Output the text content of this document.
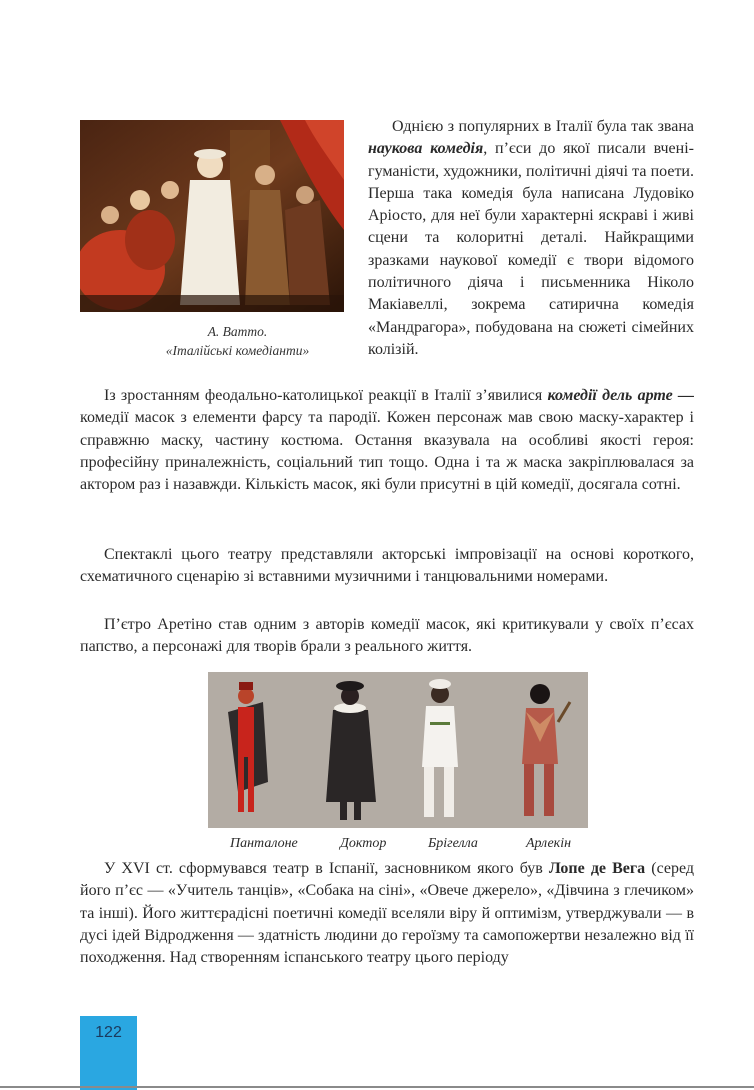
А. Ватто.
«Італійські комедіанти»
Однією з популярних в Італії була так звана наукова комедія, п’єси до якої писали вчені-гуманісти, художники, політичні діячі та поети. Перша така комедія була написана Лудовіко Аріосто, для неї були характерні яскраві і живі сцени та колоритні деталі. Найкращими зразками наукової комедії є твори відомого політичного діяча і письменника Ніколо Макіавеллі, зокрема сатирична комедія «Мандрагора», побудована на сюжеті сімейних колізій.
Із зростанням феодально-католицької реакції в Італії з’явилися комедії дель арте — комедії масок з елементи фарсу та пародії. Кожен персонаж мав свою маску-характер і справжню маску, частину костюма. Остання вказувала на особливі якості героя: професійну приналежність, соціальний тип тощо. Одна і та ж маска закріплювалася за актором раз і назавжди. Кількість масок, які були присутні в цій комедії, досягала сотні.
Спектаклі цього театру представляли акторські імпровізації на основі короткого, схематичного сценарію зі вставними музичними і танцювальними номерами.
П’єтро Аретіно став одним з авторів комедії масок, які критикували у своїх п’єсах папство, а персонажі для творів брали з реального життя.
Панталоне	Доктор	Брігелла	Арлекін
У XVI ст. сформувався театр в Іспанії, засновником якого був Лопе де Вега (серед його п’єс — «Учитель танців», «Собака на сіні», «Овече джерело», «Дівчина з глечиком» та інші). Його життєрадісні поетичні комедії вселяли віру й оптимізм, утверджували — в дусі ідей Відродження — здатність людини до героїзму та самопожертви незалежно від її походження. Над створенням іспанського театру цього періоду
122
